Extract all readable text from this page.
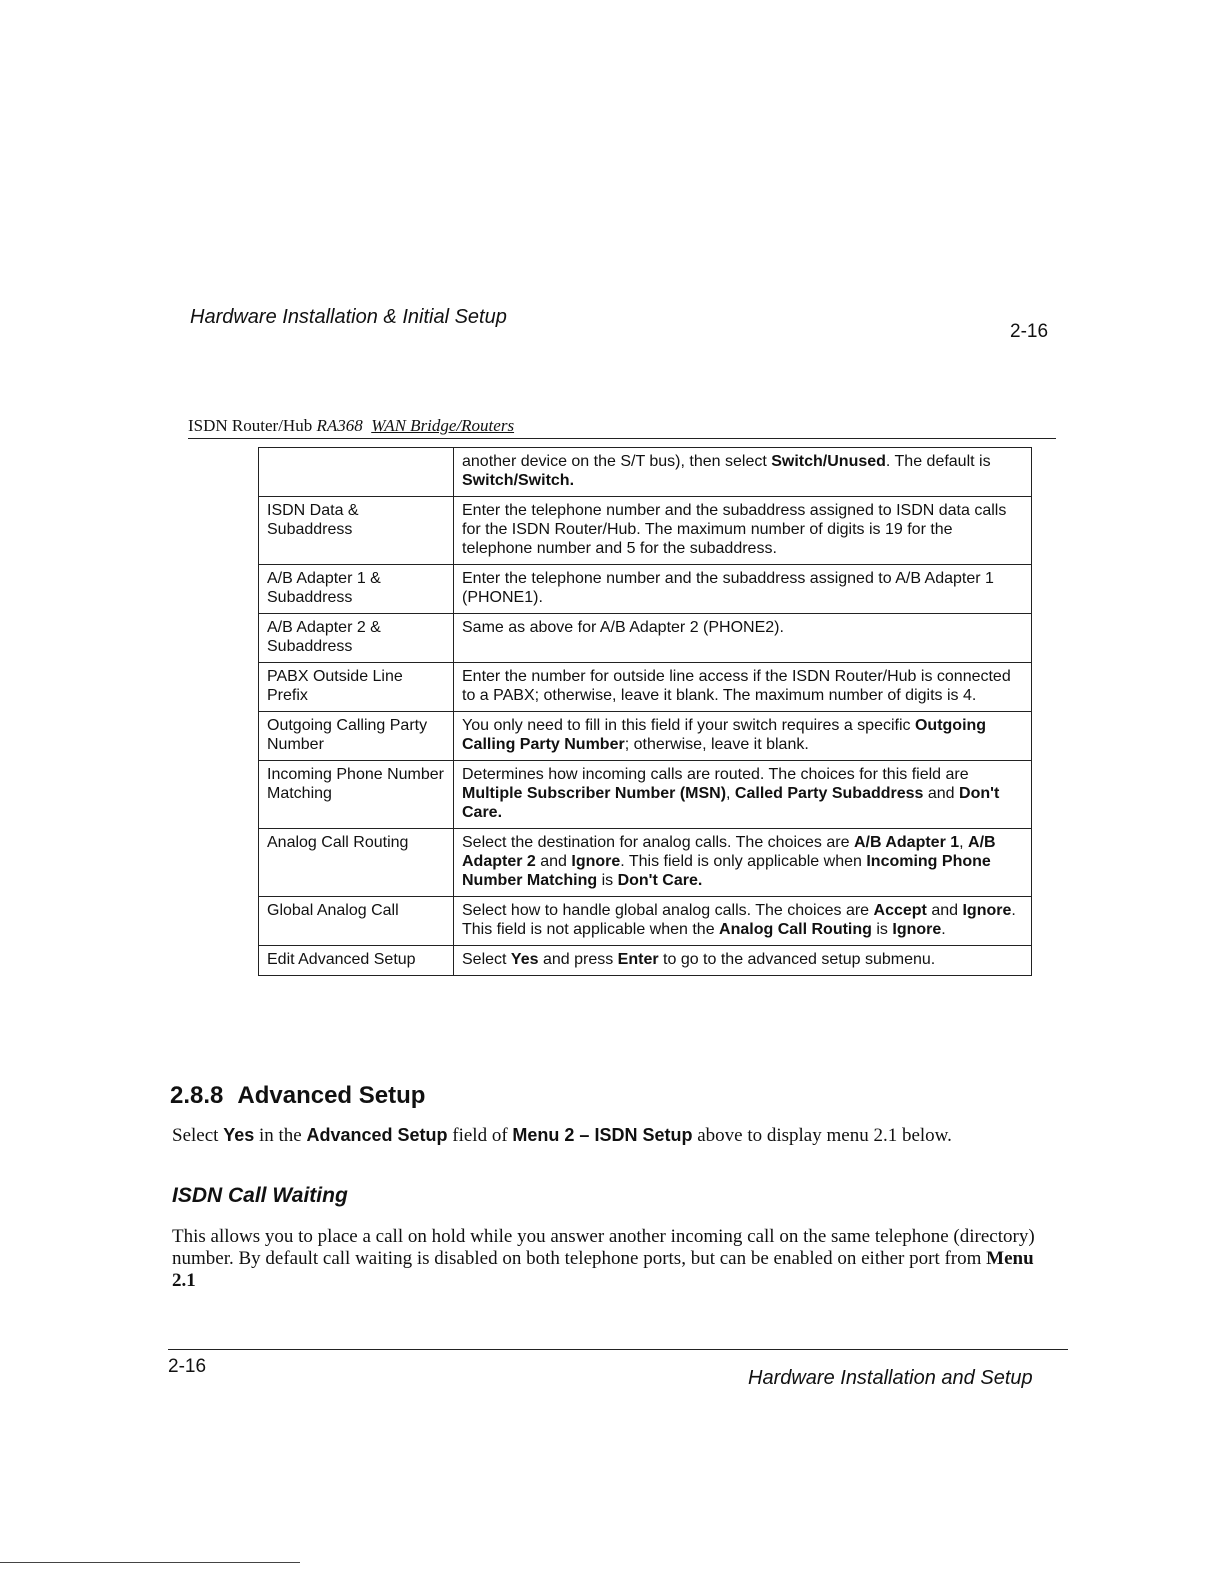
Hardware Installation & Initial Setup
2-16
ISDN Router/Hub RA368 WAN Bridge/Routers
	another device on the S/T bus), then select Switch/Unused. The default is Switch/Switch.
ISDN Data & Subaddress	Enter the telephone number and the subaddress assigned to ISDN data calls for the ISDN Router/Hub. The maximum number of digits is 19 for the telephone number and 5 for the subaddress.
A/B Adapter 1 & Subaddress	Enter the telephone number and the subaddress assigned to A/B Adapter 1 (PHONE1).
A/B Adapter 2 & Subaddress	Same as above for A/B Adapter 2 (PHONE2).
PABX Outside Line Prefix	Enter the number for outside line access if the ISDN Router/Hub is connected to a PABX; otherwise, leave it blank. The maximum number of digits is 4.
Outgoing Calling Party Number	You only need to fill in this field if your switch requires a specific Outgoing Calling Party Number; otherwise, leave it blank.
Incoming Phone Number Matching	Determines how incoming calls are routed. The choices for this field are Multiple Subscriber Number (MSN), Called Party Subaddress and Don't Care.
Analog Call Routing	Select the destination for analog calls. The choices are A/B Adapter 1, A/B Adapter 2 and Ignore. This field is only applicable when Incoming Phone Number Matching is Don't Care.
Global Analog Call	Select how to handle global analog calls. The choices are Accept and Ignore. This field is not applicable when the Analog Call Routing is Ignore.
Edit Advanced Setup	Select Yes and press Enter to go to the advanced setup submenu.
2.8.8 Advanced Setup
Select Yes in the Advanced Setup field of Menu 2 – ISDN Setup above to display menu 2.1 below.
ISDN Call Waiting
This allows you to place a call on hold while you answer another incoming call on the same telephone (directory) number. By default call waiting is disabled on both telephone ports, but can be enabled on either port from Menu 2.1
2-16
Hardware Installation and Setup
